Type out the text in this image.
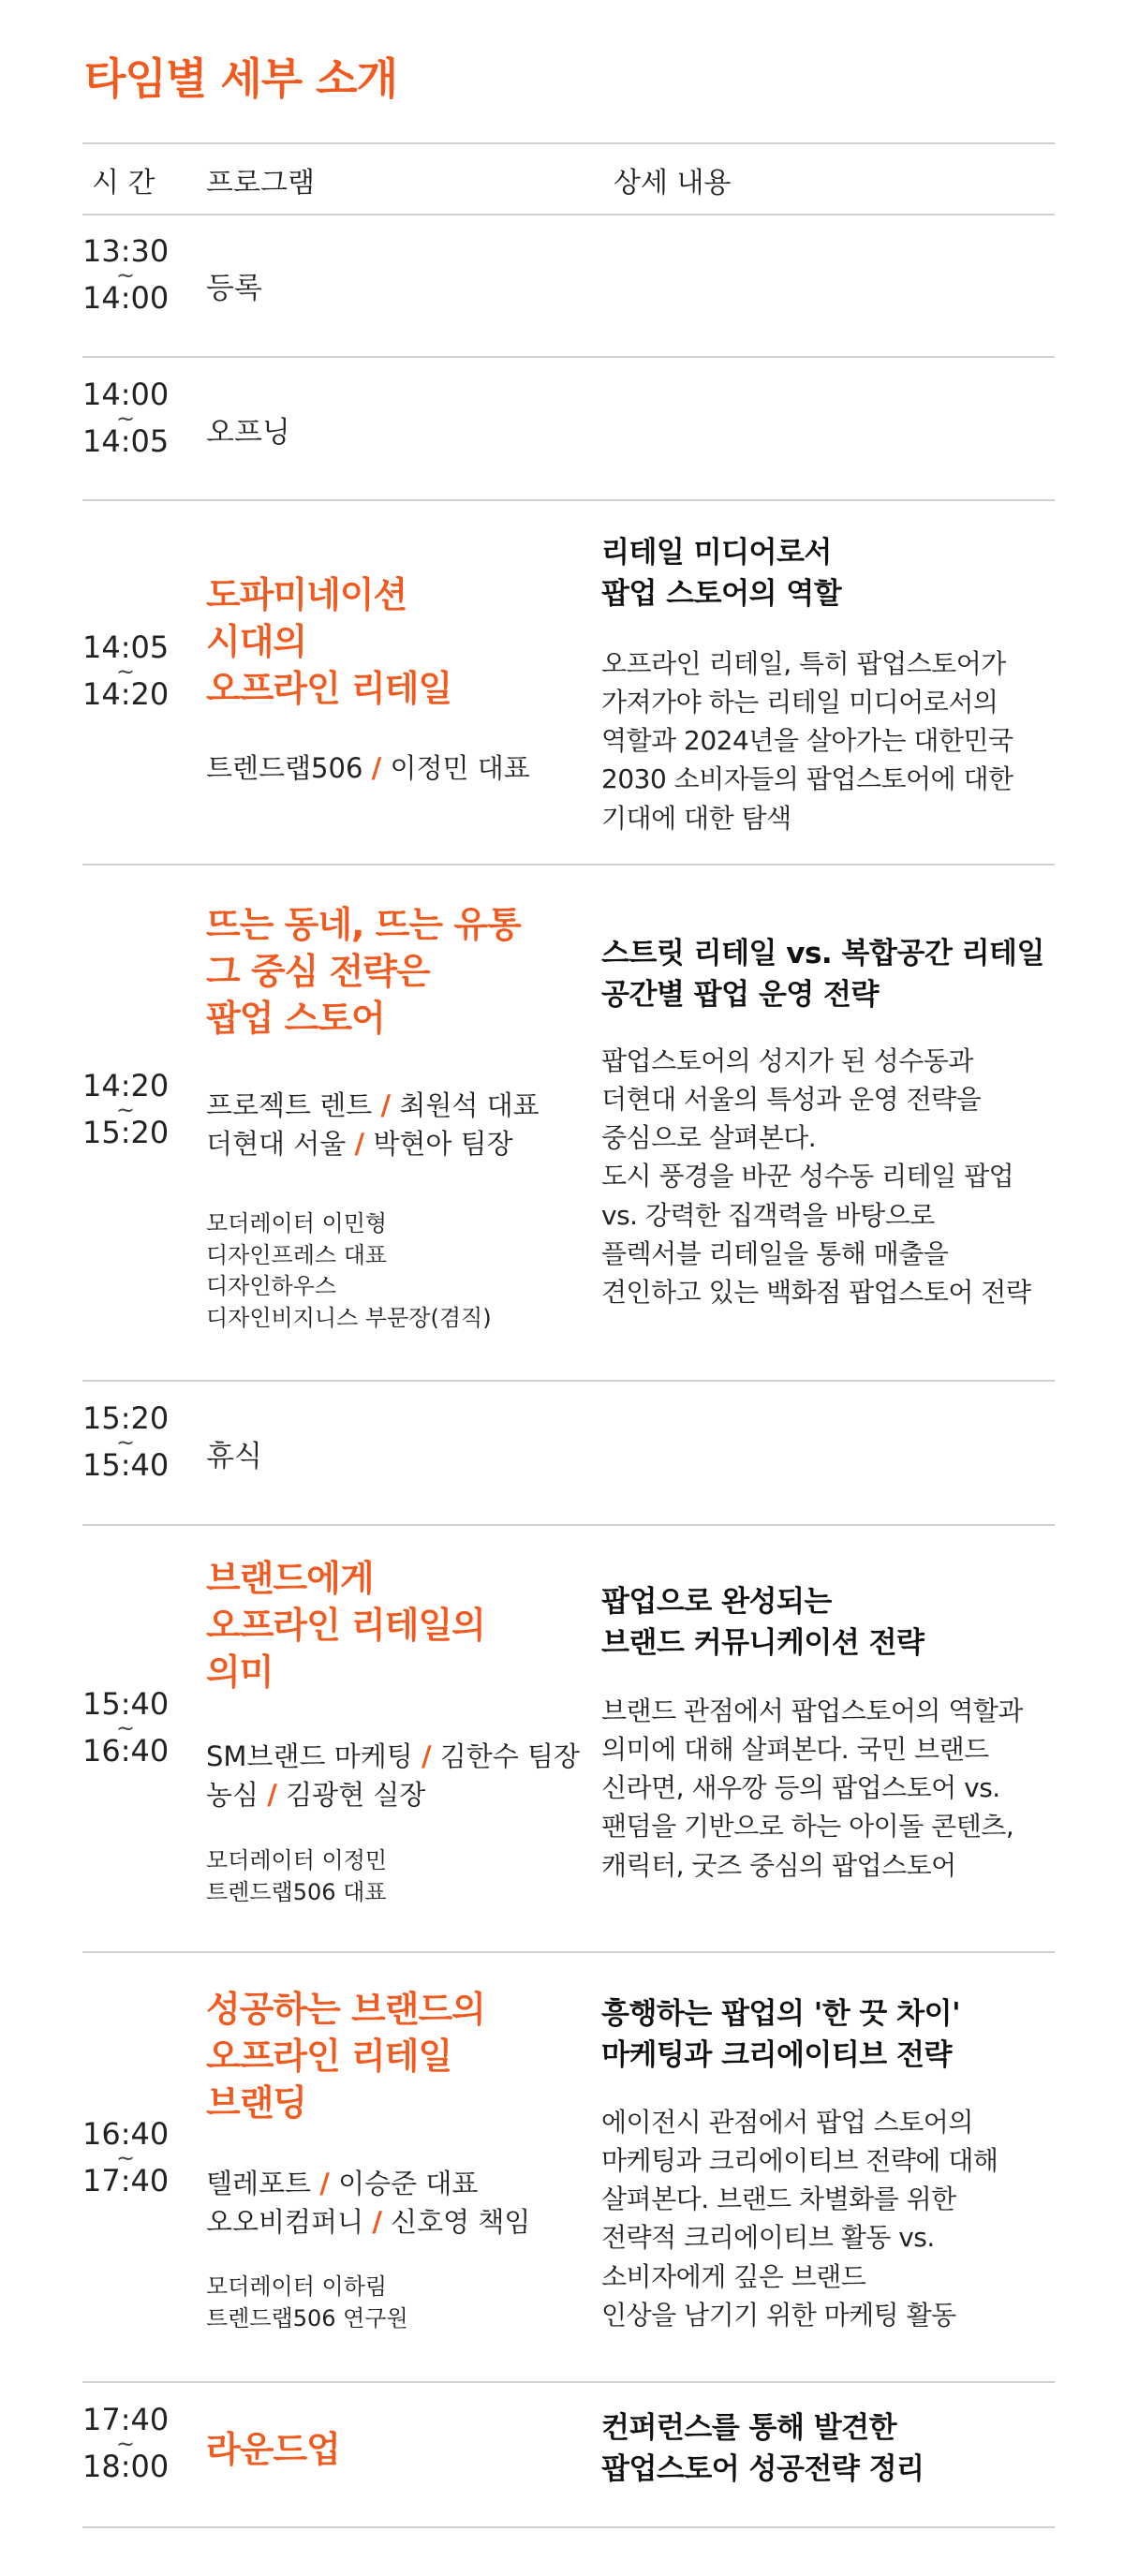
타임별 세부 소개
시 간 프로그램	상세 내용
13:30
~
14:00 등록
14:00
~
14:05 오프닝
14:05
~
14:20
도파미네이션
시대의
오프라인 리테일
트렌드랩506 / 이정민 대표
리테일 미디어로서
팝업 스토어의 역할
오프라인 리테일, 특히 팝업스토어가
가져가야 하는 리테일 미디어로서의
역할과 2024년을 살아가는 대한민국
2030 소비자들의 팝업스토어에 대한
기대에 대한 탐색
14:20
~
15:20
뜨는 동네, 뜨는 유통
그 중심 전략은
팝업 스토어
프로젝트 렌트 / 최원석 대표
더현대 서울 / 박현아 팀장
모더레이터 이민형
디자인프레스 대표
디자인하우스
디자인비지니스 부문장(겸직)
스트릿 리테일 vs. 복합공간 리테일
공간별 팝업 운영 전략
팝업스토어의 성지가 된 성수동과
더현대 서울의 특성과 운영 전략을
중심으로 살펴본다.
도시 풍경을 바꾼 성수동 리테일 팝업
vs. 강력한 집객력을 바탕으로
플렉서블 리테일을 통해 매출을
견인하고 있는 백화점 팝업스토어 전략
15:20
~
15:40 휴식
15:40
~
16:40
브랜드에게
오프라인 리테일의
의미
SM브랜드 마케팅 / 김한수 팀장
농심 / 김광현 실장
모더레이터 이정민
트렌드랩506 대표
팝업으로 완성되는
브랜드 커뮤니케이션 전략
브랜드 관점에서 팝업스토어의 역할과
의미에 대해 살펴본다. 국민 브랜드
신라면, 새우깡 등의 팝업스토어 vs.
팬덤을 기반으로 하는 아이돌 콘텐츠,
캐릭터, 굿즈 중심의 팝업스토어
16:40
~
17:40
성공하는 브랜드의
오프라인 리테일
브랜딩
텔레포트 / 이승준 대표
오오비컴퍼니 / 신호영 책임
모더레이터 이하림
트렌드랩506 연구원
흥행하는 팝업의 '한 끗 차이'
마케팅과 크리에이티브 전략
에이전시 관점에서 팝업 스토어의
마케팅과 크리에이티브 전략에 대해
살펴본다. 브랜드 차별화를 위한
전략적 크리에이티브 활동 vs.
소비자에게 깊은 브랜드
인상을 남기기 위한 마케팅 활동
17:40
~
18:00 라운드업
컨퍼런스를 통해 발견한
팝업스토어 성공전략 정리
